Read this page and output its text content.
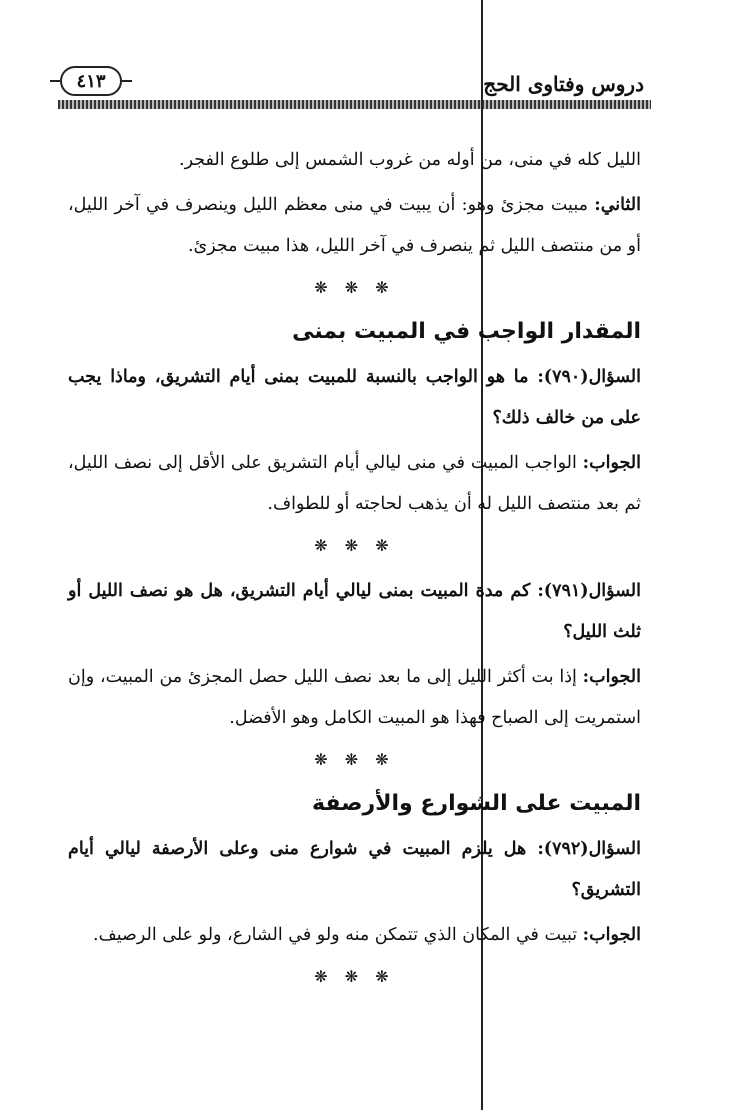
دروس وفتاوى الحج
٤١٣

الليل كله في منى، من أوله من غروب الشمس إلى طلوع الفجر.

الثاني: مبيت مجزئ وهو: أن يبيت في منى معظم الليل وينصرف في آخر الليل، أو من منتصف الليل ثم ينصرف في آخر الليل، هذا مبيت مجزئ.

❋ ❋ ❋
المقدار الواجب في المبيت بمنى

السؤال(٧٩٠): ما هو الواجب بالنسبة للمبيت بمنى أيام التشريق، وماذا يجب على من خالف ذلك؟

الجواب: الواجب المبيت في منى ليالي أيام التشريق على الأقل إلى نصف الليل، ثم بعد منتصف الليل له أن يذهب لحاجته أو للطواف.

❋ ❋ ❋

السؤال(٧٩١): كم مدة المبيت بمنى ليالي أيام التشريق، هل هو نصف الليل أو ثلث الليل؟

الجواب: إذا بت أكثر الليل إلى ما بعد نصف الليل حصل المجزئ من المبيت، وإن استمريت إلى الصباح فهذا هو المبيت الكامل وهو الأفضل.

❋ ❋ ❋
المبيت على الشوارع والأرصفة

السؤال(٧٩٢): هل يلزم المبيت في شوارع منى وعلى الأرصفة ليالي أيام التشريق؟

الجواب: تبيت في المكان الذي تتمكن منه ولو في الشارع، ولو على الرصيف.

❋ ❋ ❋
